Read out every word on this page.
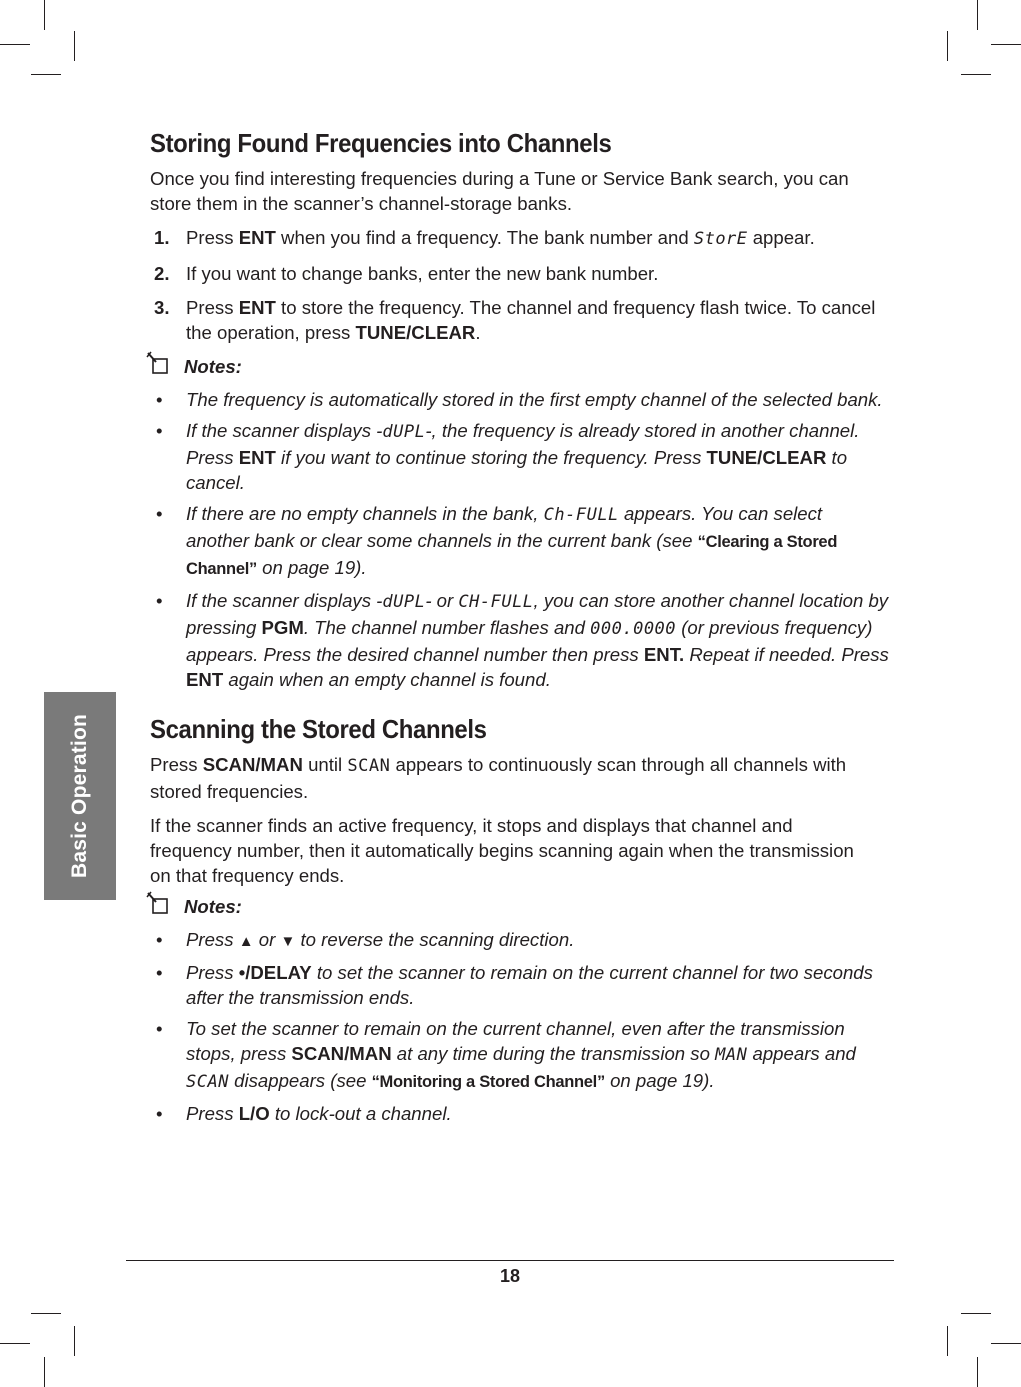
Basic Operation
Storing Found Frequencies into Channels

Once you find interesting frequencies during a Tune or Service Bank search, you can store them in the scanner’s channel-storage banks.

1. Press ENT when you find a frequency. The bank number and StorE appear.
2. If you want to change banks, enter the new bank number.
3. Press ENT to store the frequency. The channel and frequency flash twice. To cancel the operation, press TUNE/CLEAR.
Notes:
• The frequency is automatically stored in the first empty channel of the selected bank.
• If the scanner displays -dUPL-, the frequency is already stored in another channel. Press ENT if you want to continue storing the frequency. Press TUNE/CLEAR to cancel.
• If there are no empty channels in the bank, Ch-FULL appears. You can select another bank or clear some channels in the current bank (see “Clearing a Stored Channel” on page 19).
• If the scanner displays -dUPL- or CH-FULL, you can store another channel location by pressing PGM. The channel number flashes and 000.0000 (or previous frequency) appears. Press the desired channel number then press ENT. Repeat if needed. Press ENT again when an empty channel is found.
Scanning the Stored Channels

Press SCAN/MAN until SCAN appears to continuously scan through all channels with stored frequencies.

If the scanner finds an active frequency, it stops and displays that channel and frequency number, then it automatically begins scanning again when the transmission on that frequency ends.

Notes:
• Press ▲ or ▼ to reverse the scanning direction.
• Press •/DELAY to set the scanner to remain on the current channel for two seconds after the transmission ends.
• To set the scanner to remain on the current channel, even after the transmission stops, press SCAN/MAN at any time during the transmission so MAN appears and SCAN disappears (see “Monitoring a Stored Channel” on page 19).
• Press L/O to lock-out a channel.
18
